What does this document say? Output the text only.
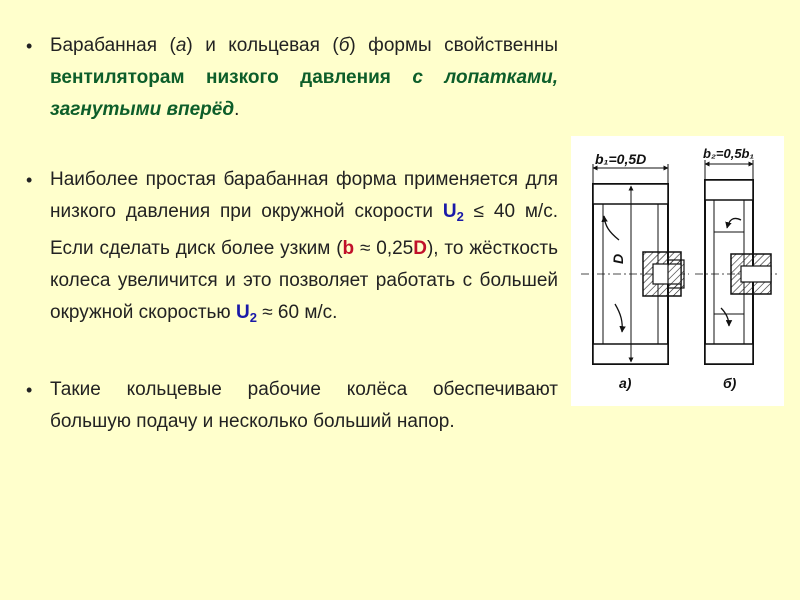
• Барабанная (а) и кольцевая (б) формы свойственны вентиляторам низкого давления с лопатками, загнутыми вперёд.
• Наиболее простая барабанная форма применяется для низкого давления при окружной скорости $U_2 \le 40$ м/с. Если сделать диск более узким (b ≈ 0,25D), то жёсткость колеса увеличится и это позволяет работать с большей окружной скоростью $U_2 \approx 60$ м/с.
• Такие кольцевые рабочие колёса обеспечивают большую подачу и несколько больший напор.
b₁=0,5D
D
а)
b₂=0,5b₁
б)
